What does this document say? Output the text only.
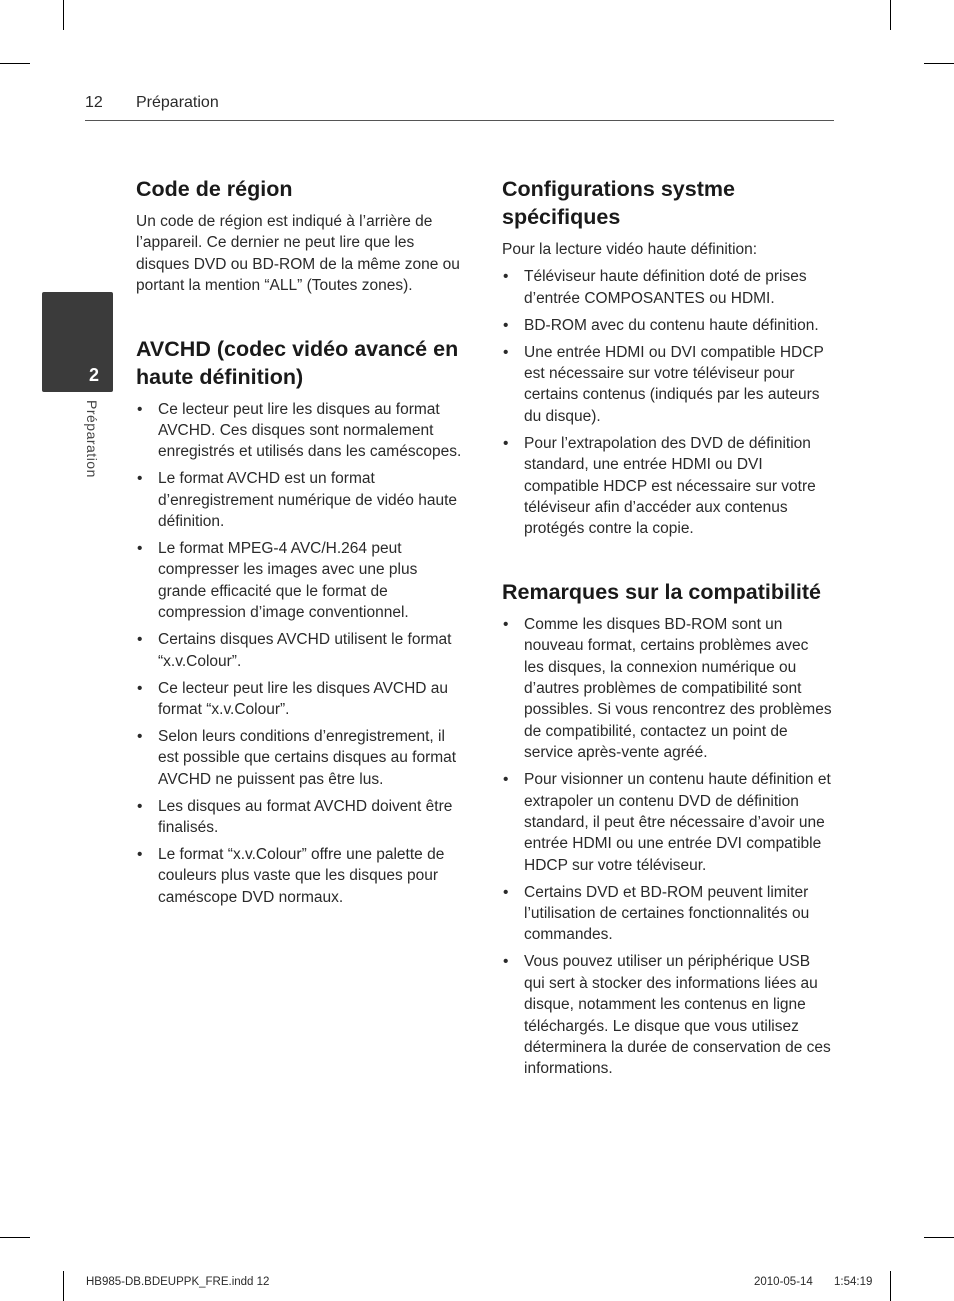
12 Préparation
2
Préparation
Code de région

Un code de région est indiqué à l’arrière de l’appareil. Ce dernier ne peut lire que les disques DVD ou BD-ROM de la même zone ou portant la mention “ALL” (Toutes zones).

AVCHD (codec vidéo avancé en haute définition)
• Ce lecteur peut lire les disques au format AVCHD. Ces disques sont normalement enregistrés et utilisés dans les caméscopes.
• Le format AVCHD est un format d’enregistrement numérique de vidéo haute définition.
• Le format MPEG-4 AVC/H.264 peut compresser les images avec une plus grande efficacité que le format de compression d’image conventionnel.
• Certains disques AVCHD utilisent le format “x.v.Colour”.
• Ce lecteur peut lire les disques AVCHD au format “x.v.Colour”.
• Selon leurs conditions d’enregistrement, il est possible que certains disques au format AVCHD ne puissent pas être lus.
• Les disques au format AVCHD doivent être finalisés.
• Le format “x.v.Colour” offre une palette de couleurs plus vaste que les disques pour caméscope DVD normaux.
Configurations systme spécifiques

Pour la lecture vidéo haute définition:

• Téléviseur haute définition doté de prises d’entrée COMPOSANTES ou HDMI.
• BD-ROM avec du contenu haute définition.
• Une entrée HDMI ou DVI compatible HDCP est nécessaire sur votre téléviseur pour certains contenus (indiqués par les auteurs du disque).
• Pour l’extrapolation des DVD de définition standard, une entrée HDMI ou DVI compatible HDCP est nécessaire sur votre téléviseur afin d’accéder aux contenus protégés contre la copie.
Remarques sur la compatibilité
• Comme les disques BD-ROM sont un nouveau format, certains problèmes avec les disques, la connexion numérique ou d’autres problèmes de compatibilité sont possibles. Si vous rencontrez des problèmes de compatibilité, contactez un point de service après-vente agréé.
• Pour visionner un contenu haute définition et extrapoler un contenu DVD de définition standard, il peut être nécessaire d’avoir une entrée HDMI ou une entrée DVI compatible HDCP sur votre téléviseur.
• Certains DVD et BD-ROM peuvent limiter l’utilisation de certaines fonctionnalités ou commandes.
• Vous pouvez utiliser un périphérique USB qui sert à stocker des informations liées au disque, notamment les contenus en ligne téléchargés. Le disque que vous utilisez déterminera la durée de conservation de ces informations.
HB985-DB.BDEUPPK_FRE.indd 12	2010-05-14 1:54:19
